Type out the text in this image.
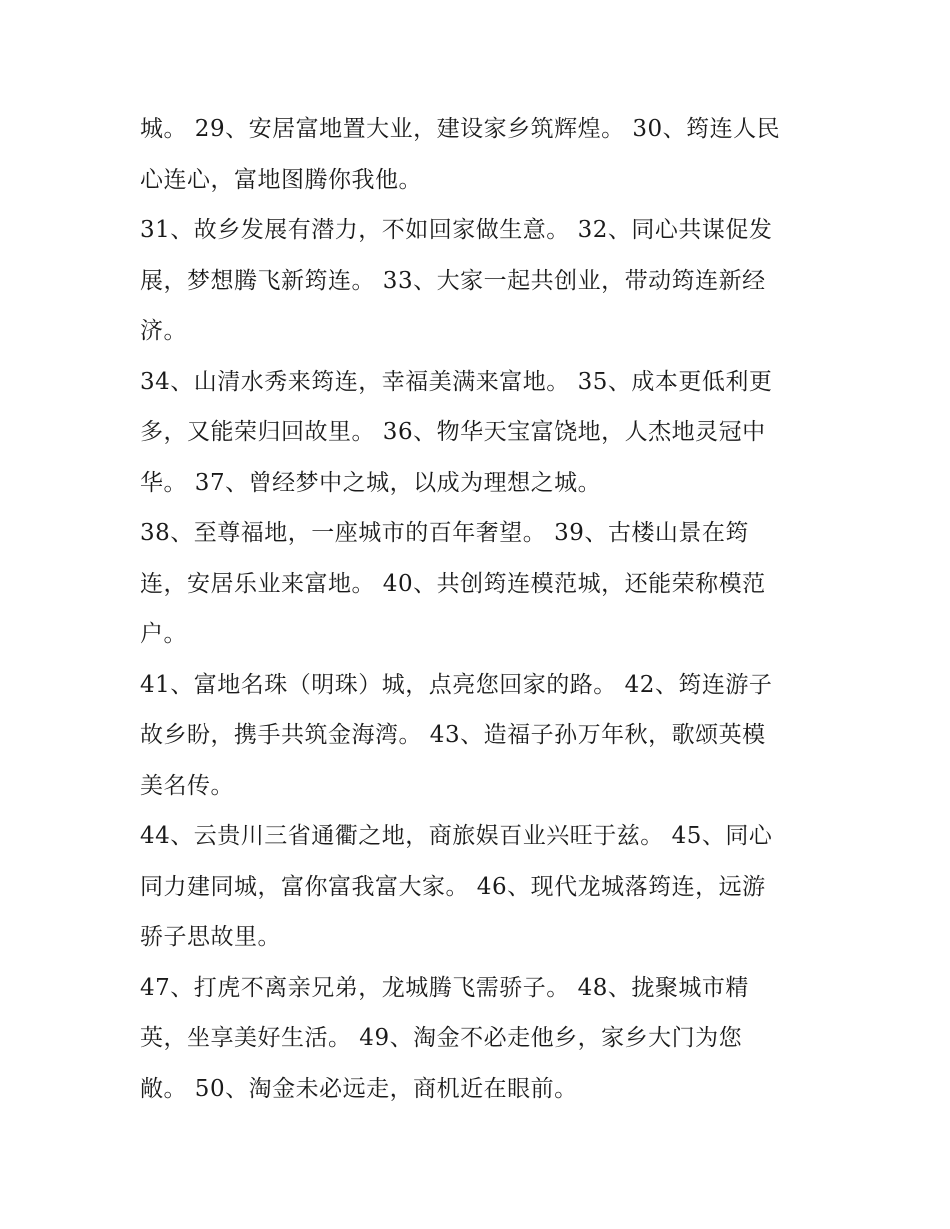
城。 29、安居富地置大业，建设家乡筑辉煌。 30、筠连人民
心连心，富地图腾你我他。

31、故乡发展有潜力，不如回家做生意。 32、同心共谋促发
展，梦想腾飞新筠连。 33、大家一起共创业，带动筠连新经
济。

34、山清水秀来筠连，幸福美满来富地。 35、成本更低利更
多，又能荣归回故里。 36、物华天宝富饶地，人杰地灵冠中
华。 37、曾经梦中之城，以成为理想之城。

38、至尊福地，一座城市的百年奢望。 39、古楼山景在筠
连，安居乐业来富地。 40、共创筠连模范城，还能荣称模范
户。

41、富地名珠（明珠）城，点亮您回家的路。 42、筠连游子
故乡盼，携手共筑金海湾。 43、造福子孙万年秋，歌颂英模
美名传。

44、云贵川三省通衢之地，商旅娱百业兴旺于兹。 45、同心
同力建同城，富你富我富大家。 46、现代龙城落筠连，远游
骄子思故里。

47、打虎不离亲兄弟，龙城腾飞需骄子。 48、拢聚城市精
英，坐享美好生活。 49、淘金不必走他乡，家乡大门为您
敞。 50、淘金未必远走，商机近在眼前。
